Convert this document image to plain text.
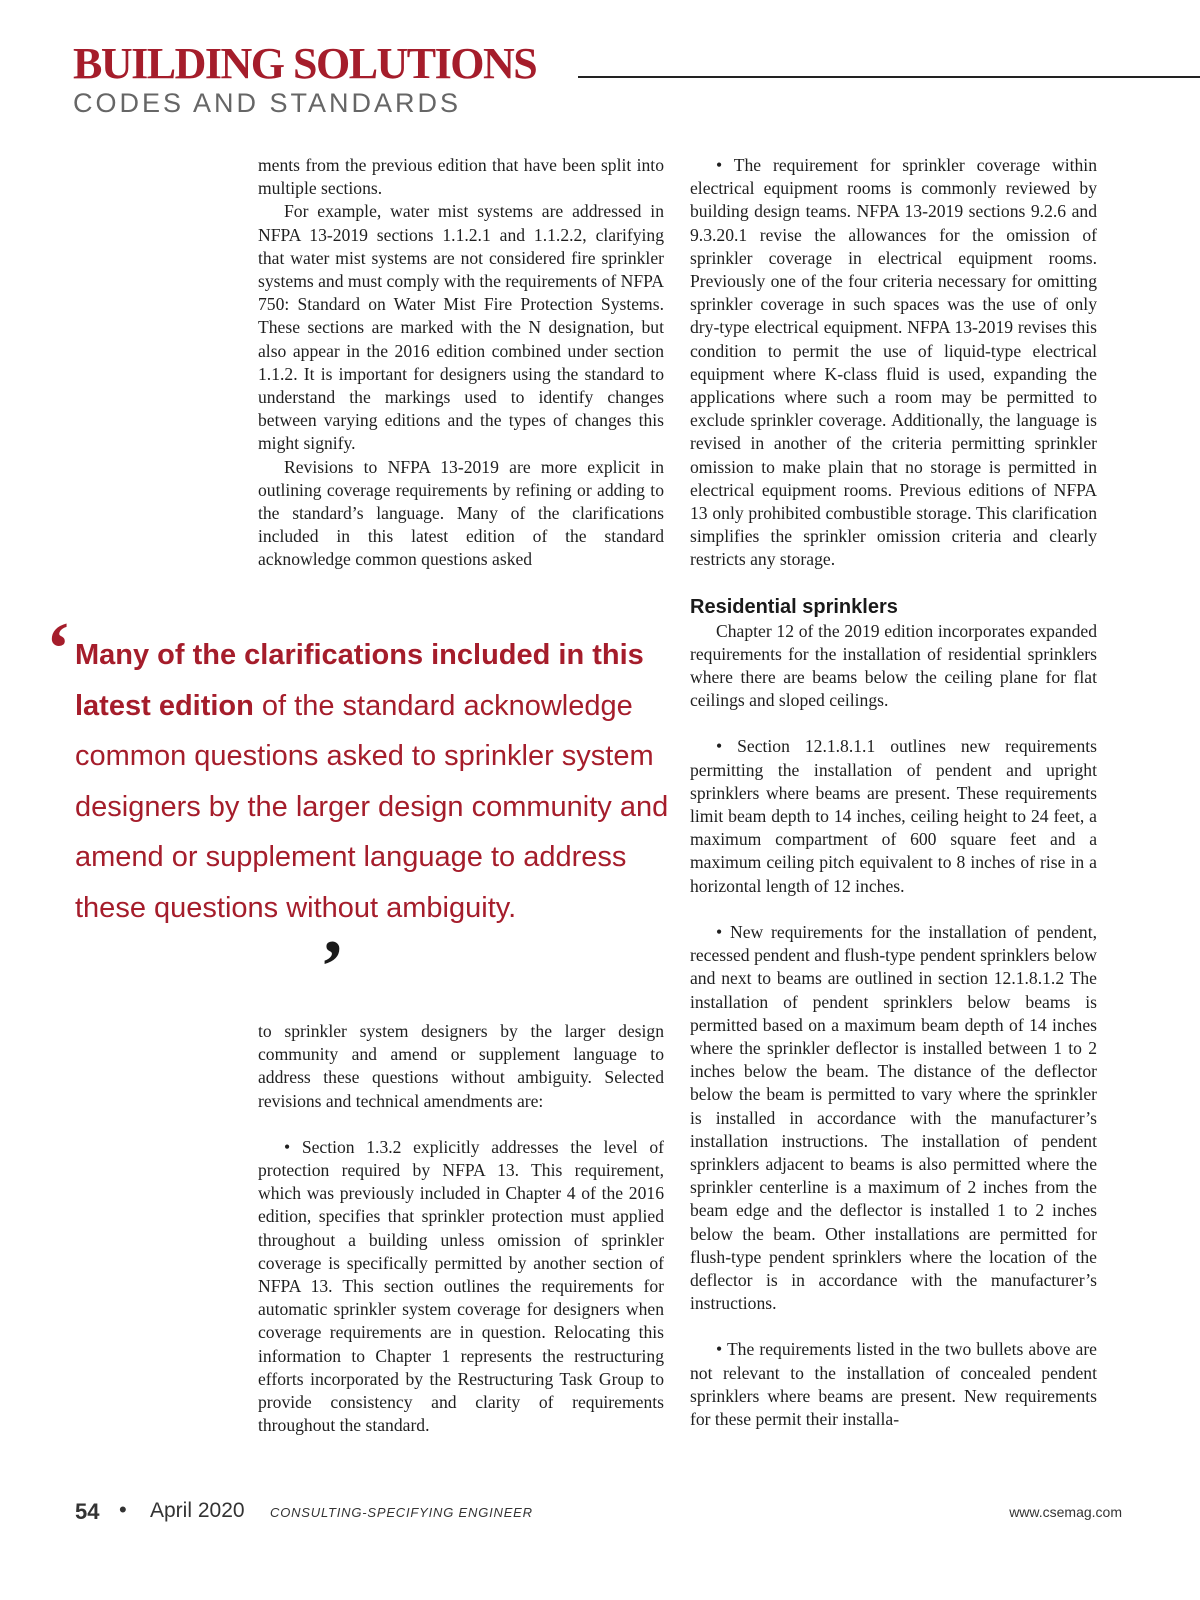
BUILDING SOLUTIONS
CODES AND STANDARDS

ments from the previous edition that have been split into multiple sections.

For example, water mist systems are addressed in NFPA 13-2019 sections 1.1.2.1 and 1.1.2.2, clarifying that water mist systems are not considered fire sprinkler systems and must comply with the requirements of NFPA 750: Standard on Water Mist Fire Protection Systems. These sections are marked with the N designation, but also appear in the 2016 edition combined under section 1.1.2. It is important for designers using the standard to understand the markings used to identify changes between varying editions and the types of changes this might signify.

Revisions to NFPA 13-2019 are more explicit in outlining coverage requirements by refining or adding to the standard’s language. Many of the clarifications included in this latest edition of the standard acknowledge common questions asked

‘ Many of the clarifications included in this latest edition of the standard acknowledge common questions asked to sprinkler system designers by the larger design community and amend or supplement language to address these questions without ambiguity.
’

to sprinkler system designers by the larger design community and amend or supplement language to address these questions without ambiguity. Selected revisions and technical amendments are:

• Section 1.3.2 explicitly addresses the level of protection required by NFPA 13. This requirement, which was previously included in Chapter 4 of the 2016 edition, specifies that sprinkler protection must applied throughout a building unless omission of sprinkler coverage is specifically permitted by another section of NFPA 13. This section outlines the requirements for automatic sprinkler system coverage for designers when coverage requirements are in question. Relocating this information to Chapter 1 represents the restructuring efforts incorporated by the Restructuring Task Group to provide consistency and clarity of requirements throughout the standard.

• The requirement for sprinkler coverage within electrical equipment rooms is commonly reviewed by building design teams. NFPA 13-2019 sections 9.2.6 and 9.3.20.1 revise the allowances for the omission of sprinkler coverage in electrical equipment rooms. Previously one of the four criteria necessary for omitting sprinkler coverage in such spaces was the use of only dry-type electrical equipment. NFPA 13-2019 revises this condition to permit the use of liquid-type electrical equipment where K-class fluid is used, expanding the applications where such a room may be permitted to exclude sprinkler coverage. Additionally, the language is revised in another of the criteria permitting sprinkler omission to make plain that no storage is permitted in electrical equipment rooms. Previous editions of NFPA 13 only prohibited combustible storage. This clarification simplifies the sprinkler omission criteria and clearly restricts any storage.

Residential sprinklers

Chapter 12 of the 2019 edition incorporates expanded requirements for the installation of residential sprinklers where there are beams below the ceiling plane for flat ceilings and sloped ceilings.

• Section 12.1.8.1.1 outlines new requirements permitting the installation of pendent and upright sprinklers where beams are present. These requirements limit beam depth to 14 inches, ceiling height to 24 feet, a maximum compartment of 600 square feet and a maximum ceiling pitch equivalent to 8 inches of rise in a horizontal length of 12 inches.

• New requirements for the installation of pendent, recessed pendent and flush-type pendent sprinklers below and next to beams are outlined in section 12.1.8.1.2 The installation of pendent sprinklers below beams is permitted based on a maximum beam depth of 14 inches where the sprinkler deflector is installed between 1 to 2 inches below the beam. The distance of the deflector below the beam is permitted to vary where the sprinkler is installed in accordance with the manufacturer’s installation instructions. The installation of pendent sprinklers adjacent to beams is also permitted where the sprinkler centerline is a maximum of 2 inches from the beam edge and the deflector is installed 1 to 2 inches below the beam. Other installations are permitted for flush-type pendent sprinklers where the location of the deflector is in accordance with the manufacturer’s instructions.

• The requirements listed in the two bullets above are not relevant to the installation of concealed pendent sprinklers where beams are present. New requirements for these permit their installa-

54 • April 2020 CONSULTING-SPECIFYING ENGINEER	www.csemag.com
